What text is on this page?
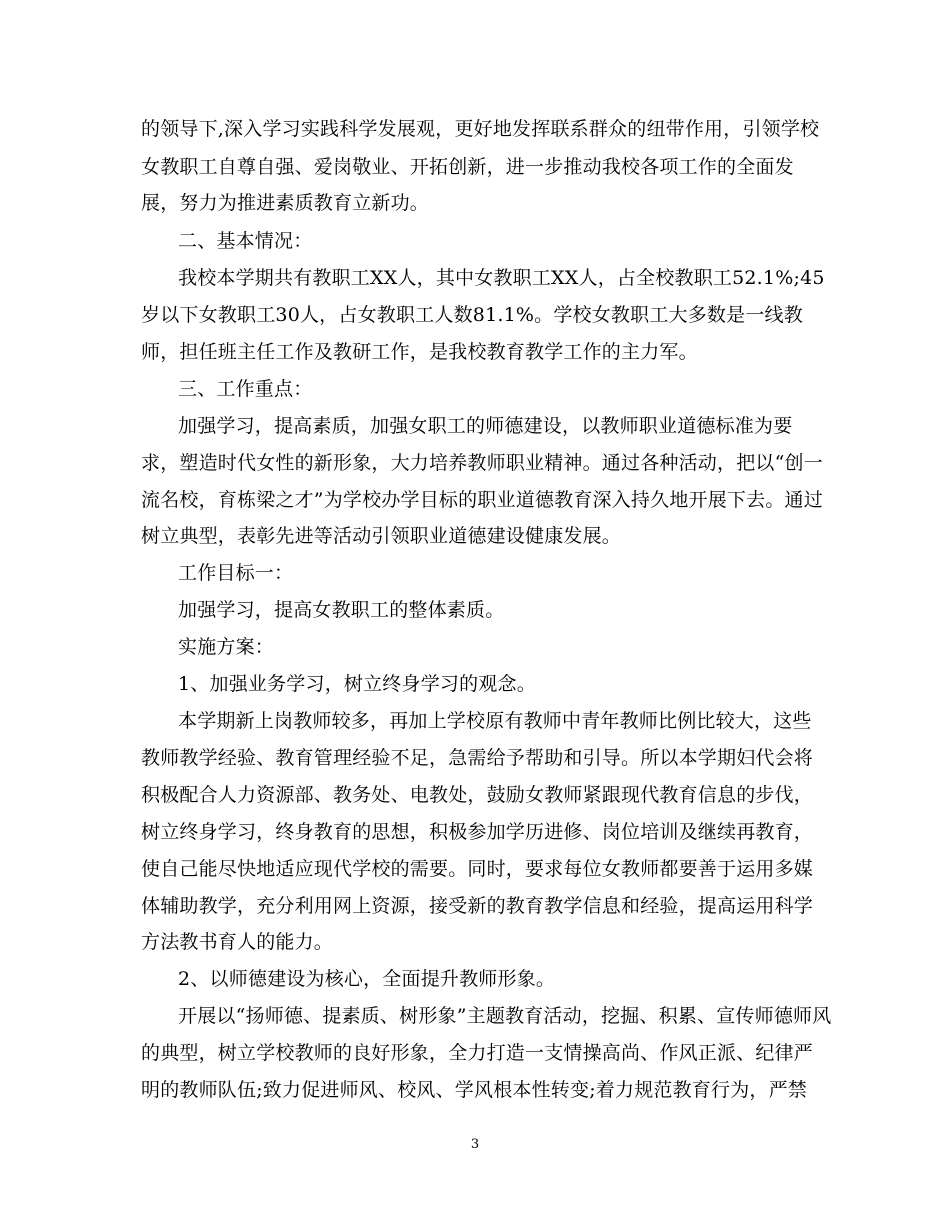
的领导下,深入学习实践科学发展观，更好地发挥联系群众的纽带作用，引领学校
女教职工自尊自强、爱岗敬业、开拓创新，进一步推动我校各项工作的全面发
展，努力为推进素质教育立新功。
二、基本情况：
我校本学期共有教职工XX人，其中女教职工XX人，占全校教职工52.1%;45
岁以下女教职工30人，占女教职工人数81.1%。学校女教职工大多数是一线教
师，担任班主任工作及教研工作，是我校教育教学工作的主力军。
三、工作重点：
加强学习，提高素质，加强女职工的师德建设，以教师职业道德标准为要
求，塑造时代女性的新形象，大力培养教师职业精神。通过各种活动，把以“创一
流名校，育栋梁之才”为学校办学目标的职业道德教育深入持久地开展下去。通过
树立典型，表彰先进等活动引领职业道德建设健康发展。
工作目标一：
加强学习，提高女教职工的整体素质。
实施方案：
1、加强业务学习，树立终身学习的观念。
本学期新上岗教师较多，再加上学校原有教师中青年教师比例比较大，这些
教师教学经验、教育管理经验不足，急需给予帮助和引导。所以本学期妇代会将
积极配合人力资源部、教务处、电教处，鼓励女教师紧跟现代教育信息的步伐，
树立终身学习，终身教育的思想，积极参加学历进修、岗位培训及继续再教育，
使自己能尽快地适应现代学校的需要。同时，要求每位女教师都要善于运用多媒
体辅助教学，充分利用网上资源，接受新的教育教学信息和经验，提高运用科学
方法教书育人的能力。
2、以师德建设为核心，全面提升教师形象。
开展以“扬师德、提素质、树形象”主题教育活动，挖掘、积累、宣传师德师风
的典型，树立学校教师的良好形象，全力打造一支情操高尚、作风正派、纪律严
明的教师队伍;致力促进师风、校风、学风根本性转变;着力规范教育行为，严禁
3
